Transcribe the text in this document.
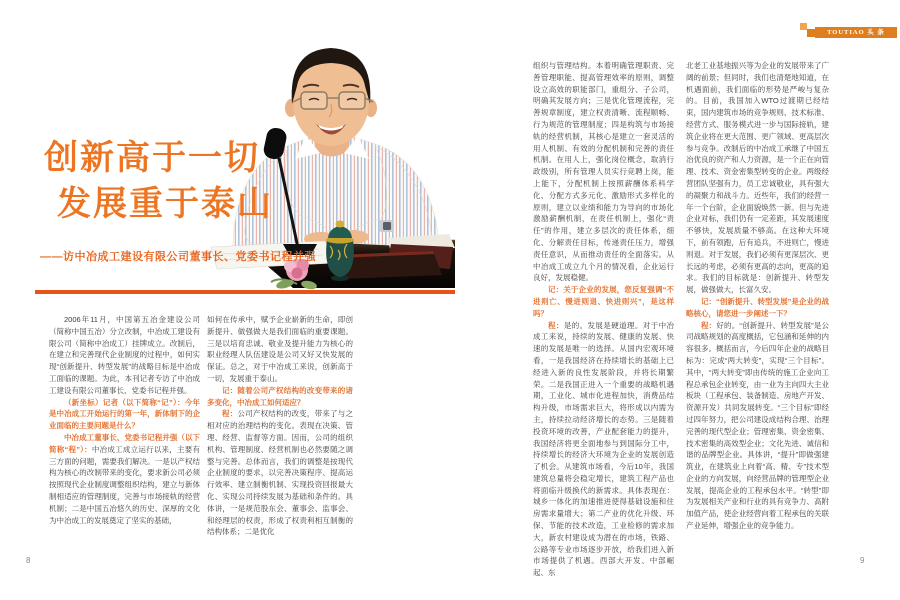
TOUTIAO 头 条
创新高于一切
发展重于泰山
——访中冶成工建设有限公司董事长、党委书记程并强

2006年11月，中国第五冶金建设公司（简称中国五冶）分立改制，中冶成工建设有限公司（简称中冶成工）挂牌成立。改制后，在建立和完善现代企业制度的过程中，如何实现“创新提升、转型发展”的战略目标是中冶成工面临的课题。为此，本刊记者专访了中冶成工建设有限公司董事长、党委书记程并强。

（新坐标）记者（以下简称“记”）：今年是中冶成工开始运行的第一年，新体制下的企业面临的主要问题是什么？

中冶成工董事长、党委书记程并强（以下简称“程”）：中冶成工成立运行以来，主要有三方面的问题，需要我们解决。一是以产权结构为核心的改制带来的变化，要求新公司必须按照现代企业制度调整组织结构，建立与新体制相适应的管理制度，完善与市场接轨的经营机制；二是中国五冶悠久的历史、深厚的文化为中冶成工的发展奠定了坚实的基础，

如何在传承中，赋予企业崭新的生命，即创新提升、做强做大是我们面临的重要课题。三是以培育忠诚、敬业及提升能力为核心的职业经理人队伍建设是公司又好又快发展的保证。总之，对于中冶成工来说，创新高于一切，发展重于泰山。

记：随着公司产权结构的改变带来的诸多变化，中冶成工如何适应？

程：公司产权结构的改变，带来了与之相对应的治理结构的变化。表现在决策、管理、经营、监督等方面。因而，公司的组织机构、管理制度、经营机制也必然要随之调整与完善。总体而言，我们的调整是按现代企业制度的要求，以完善决策程序、提高运行效率、建立制衡机制、实现投资回报最大化、实现公司持续发展为基础和条件的。具体讲，一是规范股东会、董事会、监事会、和经理层的权责，形成了权责利相互制衡的结构体系；二是优化

组织与管理结构。本着明确管理职责、完善管理职能、提高管理效率的原则，调整设立高效的职能部门，重组分、子公司，明确其发展方向；三是优化管理流程，完善规章制度，建立权责清晰、流程顺畅、行为规范的管理制度；四是构筑与市场接轨的经营机制，其核心是建立一套灵活的用人机制、有效的分配机制和完善的责任机制。在用人上，强化岗位概念，取消行政级别，所有管理人员实行竞聘上岗，能上能下，分配机制上按照薪酬体系科学化、分配方式多元化、激励形式多样化的原则，建立以业绩和能力为导向的市场化激励薪酬机制，在责任机制上，强化“责任”的作用，建立多层次的责任体系，细化、分解责任目标，传递责任压力，增强责任意识，从而推动责任的全面落实。从中冶成工成立九个月的情况看，企业运行良好，发展稳健。

记：关于企业的发展，您反复强调“不进则亡、慢进则退、快进则兴”，是这样吗？

程：是的。发展是硬道理。对于中冶成工来说，持续的发展、健康的发展、快速的发展是唯一的选择。从国内宏观环境看，一是我国经济在持续增长的基础上已经进入新的良性发展阶段，并将长期繁荣。二是我国正进入一个重要的战略机遇期，工业化、城市化进程加快，消费品结构升级，市场需求巨大，将形成以内需为主，持续拉动经济增长的态势。三是随着投资环境的改善，产业配套能力的提升，我国经济将更全面地参与到国际分工中，持续增长的经济大环境为企业的发展创造了机会。从建筑市场看，今后10年，我国建筑总量将会稳定增长，建筑工程产品也将面临升级换代的新需求。具体表现在：城乡一体化的加速推进使得基础设施和住房需求量增大；第二产业的优化升级、环保、节能的技术改造，工业检修的需求加大，新农村建设成为潜在的市场，铁路、公路等专业市场逐步开放，给我们进入新市场提供了机遇。西部大开发、中部崛起、东

北老工业基地振兴等为企业的发展带来了广阔的前景；但同时，我们也清楚地知道，在机遇面前，我们面临的形势是严峻与复杂的。目前，我国加入WTO过渡期已经结束，国内建筑市场的竞争规则、技术标准、经营方式、服务模式进一步与国际接轨，建筑企业将在更大范围、更广领域、更高层次参与竞争。改制后的中冶成工承继了中国五冶优良的资产和人力资源，是一个正在向管理、技术、资金密集型转变的企业。两级经营团队坚强有力，员工忠诚敬业，具有强大的凝聚力和战斗力。近些年，我们的经营一年一个台阶，企业面貌焕然一新。但与先进企业对标，我们仍有一定差距，其发展速度不够快，发展质量不够高。在这种大环境下，前有领跑，后有追兵，不进则亡，慢进则退。对于发展，我们必须有更深层次、更长远的考虑，必须有更高的志向，更高的追求。我们的目标就是：创新提升、转型发展，做强做大，长富久安。

记：“创新提升、转型发展”是企业的战略核心，请您进一步阐述一下？

程：好的。“创新提升、转型发展”是公司战略规划的高度概括，它包涵和延伸的内容很多。概括而言，今后四年企业的战略目标为：完成“两大转变”，实现“三个目标”。其中，“两大转变”即由传统的施工企业向工程总承包企业转变，由一业为主向四大主业板块（工程承包、装备制造、房地产开发、资源开发）共同发展转变。“三个目标”即经过四年努力，把公司建设成结构合理、治理完善的现代型企业；管理密集、资金密集、技术密集的高效型企业；文化先进、诚信和谐的品牌型企业。具体讲，“提升”即做强建筑业，在建筑业上向着“高、精、专”技术型企业的方向发展，向经营品牌的管理型企业发展，提高企业的工程承包水平。“转型”即为发展相关产业和行业的具有竞争力、高附加值产品，使企业经营向着工程承包的关联产业延伸，增强企业的竞争能力。

8	9
